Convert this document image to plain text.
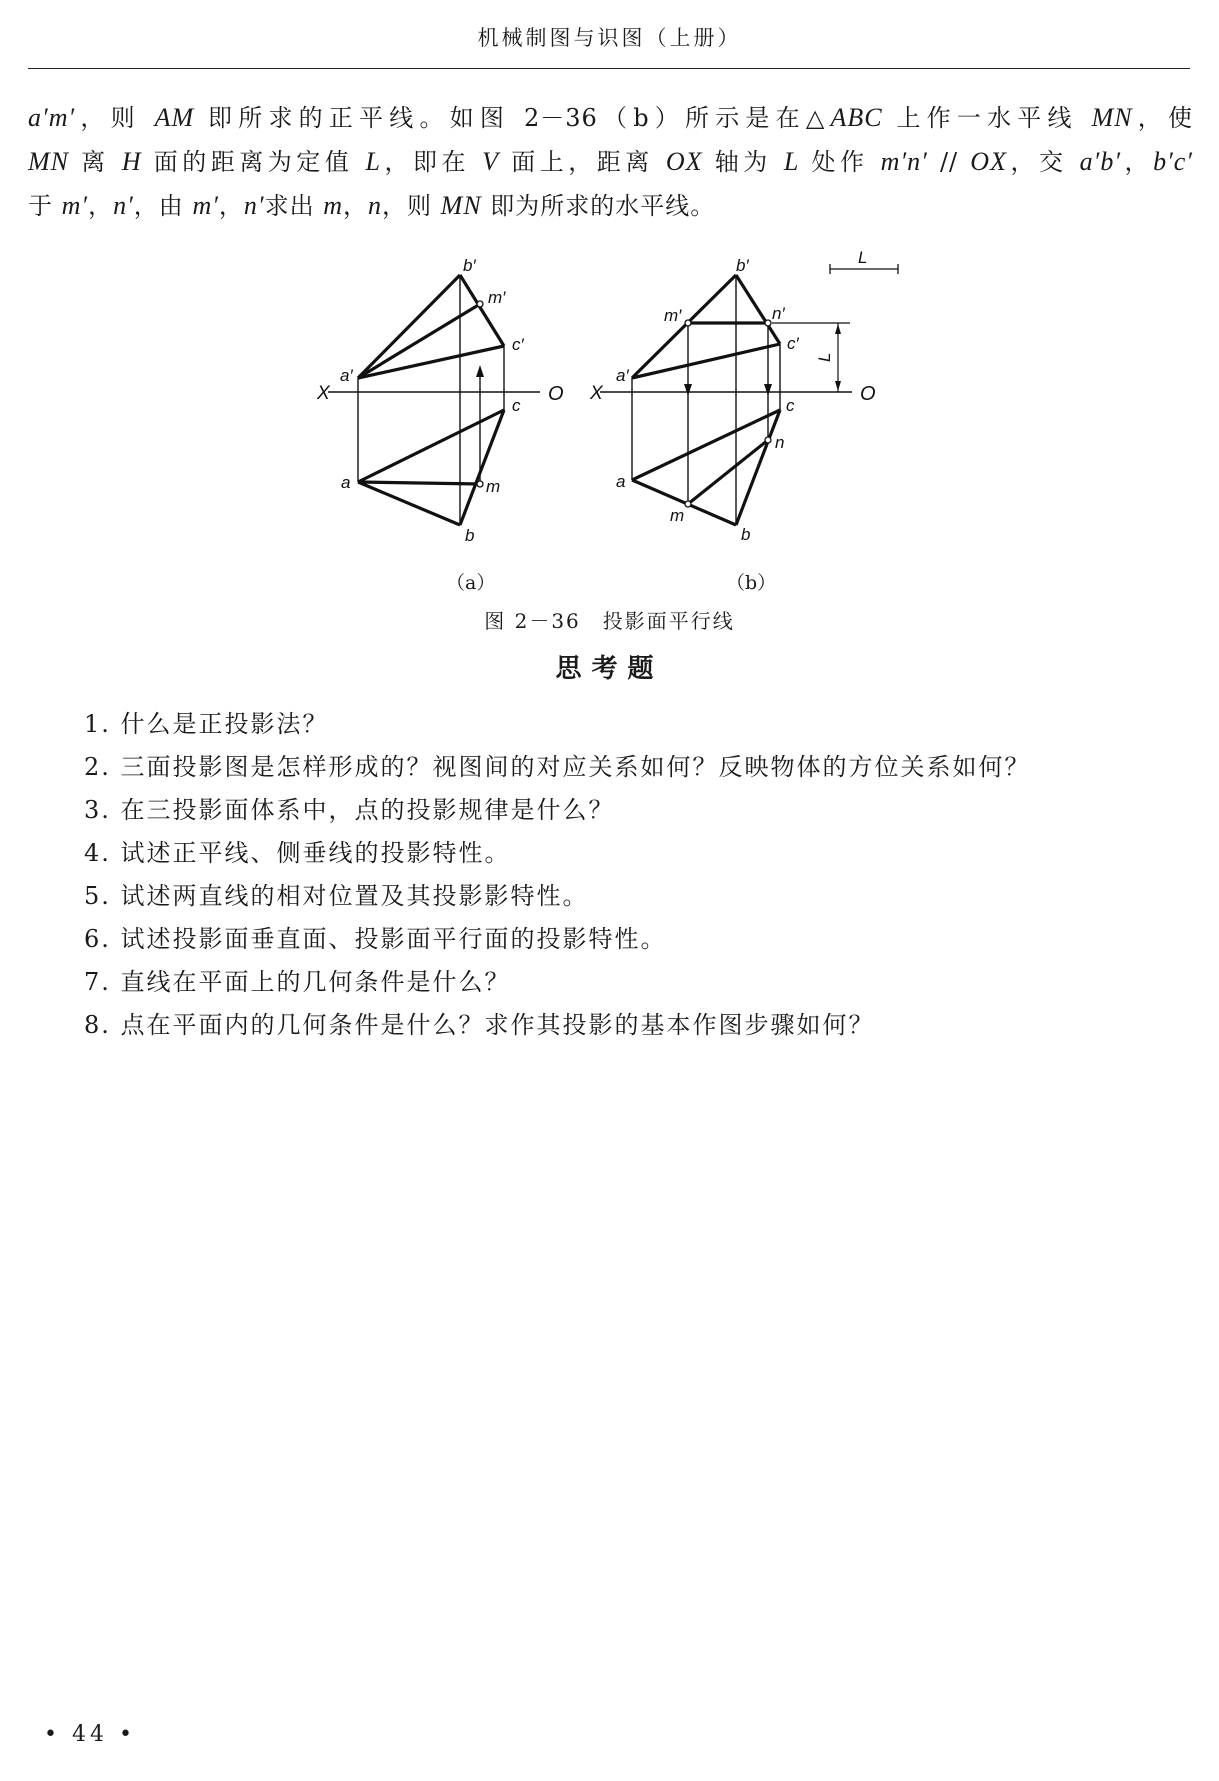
机械制图与识图（上册）

a′m′，则 AM 即所求的正平线。如图 2－36（b）所示是在△ABC 上作一水平线 MN，使

MN 离 H 面的距离为定值 L，即在 V 面上，距离 OX 轴为 L 处作 m′n′ // OX，交 a′b′，b′c′

于 m′，n′，由 m′，n′求出 m，n，则 MN 即为所求的水平线。

b′
m′
c′
a′
X	O
c
a	m
b
b′
m′	n′
c′
a′
X	O
c
n
a
m
b
L
L
（a）	（b）
图 2－36　投影面平行线
思考题
1. 什么是正投影法？
2. 三面投影图是怎样形成的？视图间的对应关系如何？反映物体的方位关系如何？
3. 在三投影面体系中，点的投影规律是什么？
4. 试述正平线、侧垂线的投影特性。
5. 试述两直线的相对位置及其投影影特性。
6. 试述投影面垂直面、投影面平行面的投影特性。
7. 直线在平面上的几何条件是什么？
8. 点在平面内的几何条件是什么？求作其投影的基本作图步骤如何？
• 44 •
